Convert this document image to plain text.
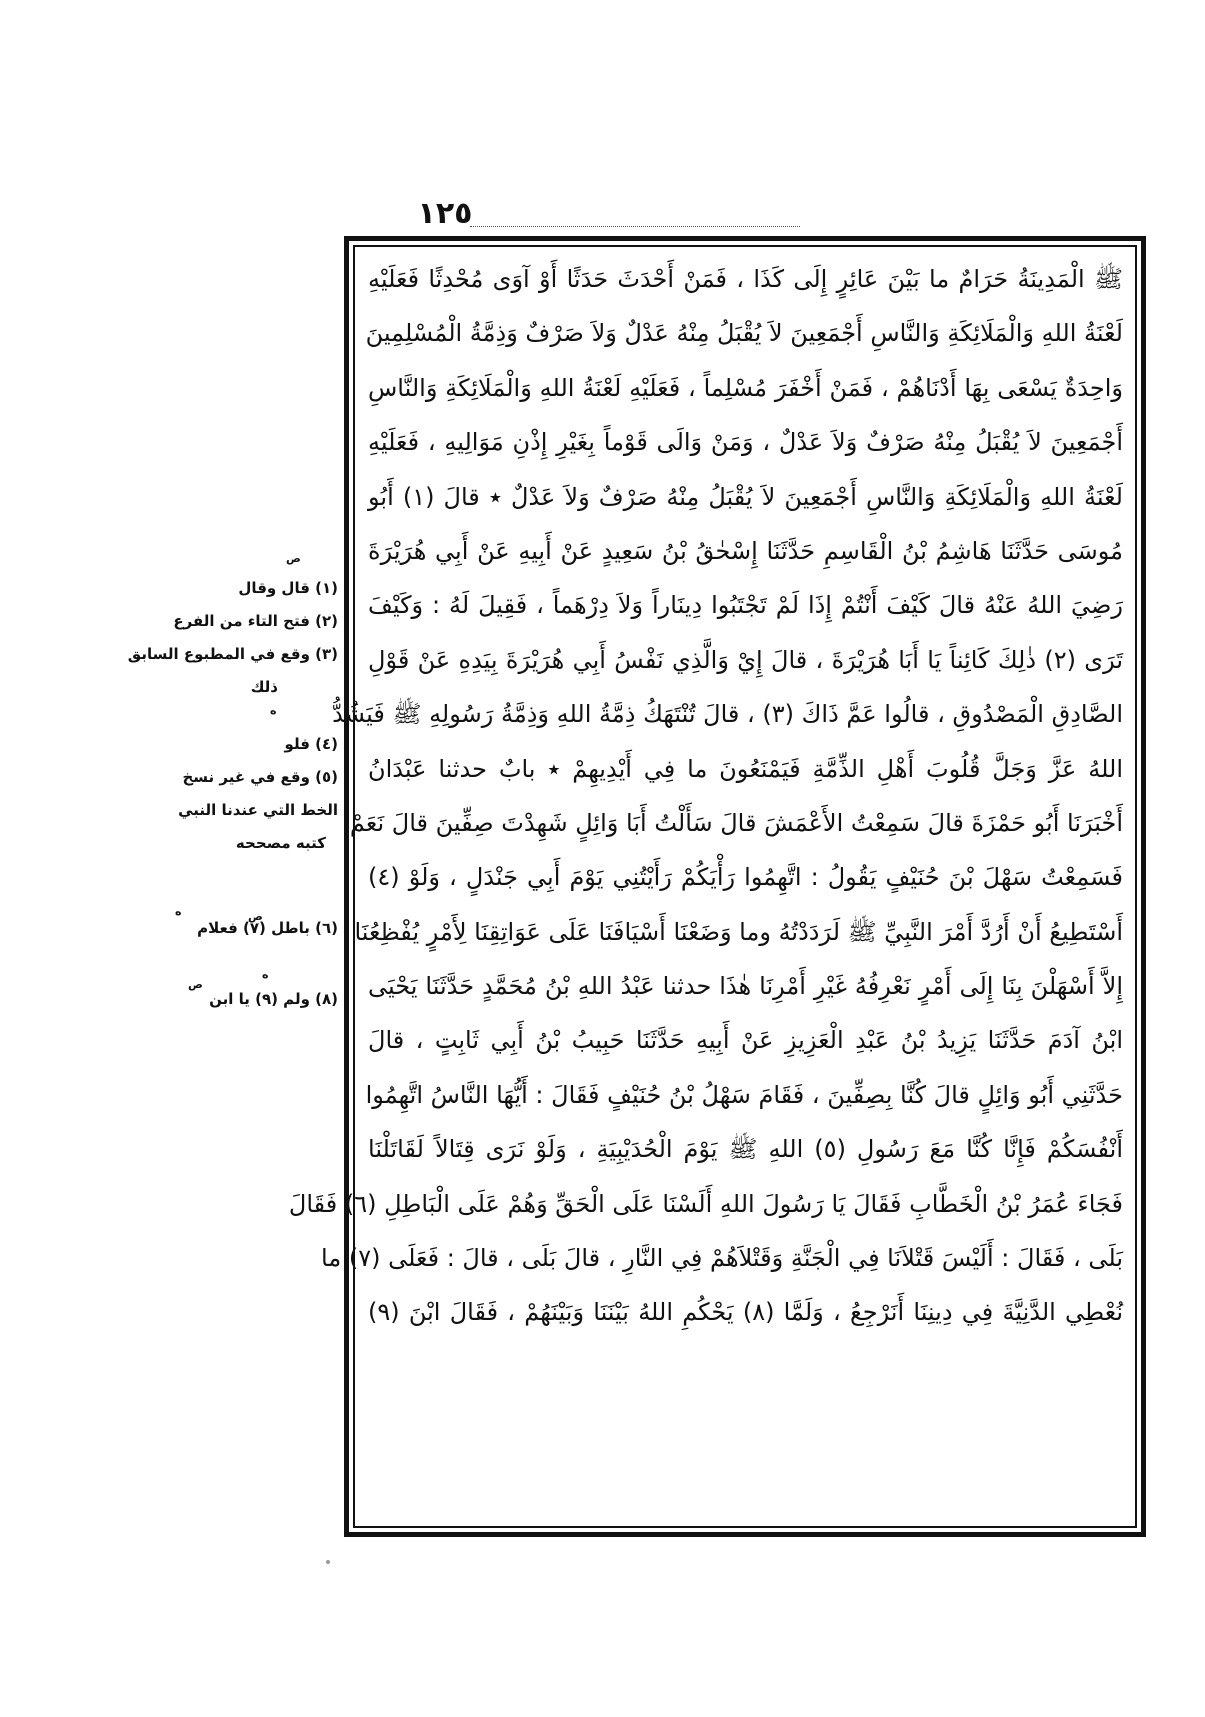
١٢٥
ﷺ الْمَدِينَةُ حَرَامٌ ما بَيْنَ عَائِرٍ إِلَى كَذَا ، فَمَنْ أَحْدَثَ حَدَثًا أَوْ آوَى مُحْدِثًا فَعَلَيْهِ
لَعْنَةُ اللهِ وَالْمَلَائِكَةِ وَالنَّاسِ أَجْمَعِينَ لاَ يُقْبَلُ مِنْهُ عَدْلٌ وَلاَ صَرْفٌ وَذِمَّةُ الْمُسْلِمِينَ
وَاحِدَةٌ يَسْعَى بِهَا أَدْنَاهُمْ ، فَمَنْ أَخْفَرَ مُسْلِماً ، فَعَلَيْهِ لَعْنَةُ اللهِ وَالْمَلَائِكَةِ وَالنَّاسِ
أَجْمَعِينَ لاَ يُقْبَلُ مِنْهُ صَرْفٌ وَلاَ عَدْلٌ ، وَمَنْ وَالَى قَوْماً بِغَيْرِ إِذْنِ مَوَالِيهِ ، فَعَلَيْهِ
لَعْنَةُ اللهِ وَالْمَلَائِكَةِ وَالنَّاسِ أَجْمَعِينَ لاَ يُقْبَلُ مِنْهُ صَرْفٌ وَلاَ عَدْلٌ ٭ قالَ (١) أَبُو
مُوسَى حَدَّثَنَا هَاشِمُ بْنُ الْقَاسِمِ حَدَّثَنَا إِسْحٰقُ بْنُ سَعِيدٍ عَنْ أَبِيهِ عَنْ أَبِي هُرَيْرَةَ
رَضِيَ اللهُ عَنْهُ قالَ كَيْفَ أَنْتُمْ إِذَا لَمْ تَجْتَبُوا دِينَاراً وَلاَ دِرْهَماً ، فَقِيلَ لَهُ : وَكَيْفَ
تَرَى (٢) ذٰلِكَ كَائِناً يَا أَبَا هُرَيْرَةَ ، قالَ إِيْ وَالَّذِي نَفْسُ أَبِي هُرَيْرَةَ بِيَدِهِ عَنْ قَوْلِ
الصَّادِقِ الْمَصْدُوقِ ، قالُوا عَمَّ ذَاكَ (٣) ، قالَ تُنْتَهَكُ ذِمَّةُ اللهِ وَذِمَّةُ رَسُولِهِ ﷺ فَيَشُدُّ
اللهُ عَزَّ وَجَلَّ قُلُوبَ أَهْلِ الذِّمَّةِ فَيَمْنَعُونَ ما فِي أَيْدِيهِمْ ٭ بابٌ حدثنا عَبْدَانُ
أَخْبَرَنَا أَبُو حَمْزَةَ قالَ سَمِعْتُ الأَعْمَشَ قالَ سَأَلْتُ أَبَا وَائِلٍ شَهِدْتَ صِفِّينَ قالَ نَعَمْ
فَسَمِعْتُ سَهْلَ بْنَ حُنَيْفٍ يَقُولُ : اتَّهِمُوا رَأْيَكُمْ رَأَيْتُنِي يَوْمَ أَبِي جَنْدَلٍ ، وَلَوْ (٤)
أَسْتَطِيعُ أَنْ أَرُدَّ أَمْرَ النَّبِيِّ ﷺ لَرَدَدْتُهُ وما وَضَعْنَا أَسْيَافَنَا عَلَى عَوَاتِقِنَا لِأَمْرٍ يُفْظِعُنَا
إِلاَّ أَسْهَلْنَ بِنَا إِلَى أَمْرٍ نَعْرِفُهُ غَيْرِ أَمْرِنَا هٰذَا حدثنا عَبْدُ اللهِ بْنُ مُحَمَّدٍ حَدَّثَنَا يَحْيَى
ابْنُ آدَمَ حَدَّثَنَا يَزِيدُ بْنُ عَبْدِ الْعَزِيزِ عَنْ أَبِيهِ حَدَّثَنَا حَبِيبُ بْنُ أَبِي ثَابِتٍ ، قالَ
حَدَّثَنِي أَبُو وَائِلٍ قالَ كُنَّا بِصِفِّينَ ، فَقَامَ سَهْلُ بْنُ حُنَيْفٍ فَقَالَ : أَيُّهَا النَّاسُ اتَّهِمُوا
أَنْفُسَكُمْ فَإِنَّا كُنَّا مَعَ رَسُولِ (٥) اللهِ ﷺ يَوْمَ الْحُدَيْبِيَةِ ، وَلَوْ نَرَى قِتَالاً لَقَاتَلْنَا
فَجَاءَ عُمَرُ بْنُ الْخَطَّابِ فَقَالَ يَا رَسُولَ اللهِ أَلَسْنَا عَلَى الْحَقِّ وَهُمْ عَلَى الْبَاطِلِ (٦) فَقَالَ
بَلَى ، فَقَالَ : أَلَيْسَ قَتْلاَنَا فِي الْجَنَّةِ وَقَتْلاَهُمْ فِي النَّارِ ، قالَ بَلَى ، قالَ : فَعَلَى (٧) ما
نُعْطِي الدَّنِيَّةَ فِي دِينِنَا أَنَرْجِعُ ، وَلَمَّا (٨) يَحْكُمِ اللهُ بَيْنَنَا وَبَيْنَهُمْ ، فَقَالَ ابْنَ (٩)
ص
ه
ه	ص
ص
ه
(١) قال وقال
(٢) فتح التاء من الفرع
(٣) وقع في المطبوع السابق
ذلك
(٤) فلو
(٥) وقع في غير نسخ
الخط التي عندنا النبي
كتبه مصححه
(٦) باطل (٧) فعلام
(٨) ولم (٩) يا ابن
